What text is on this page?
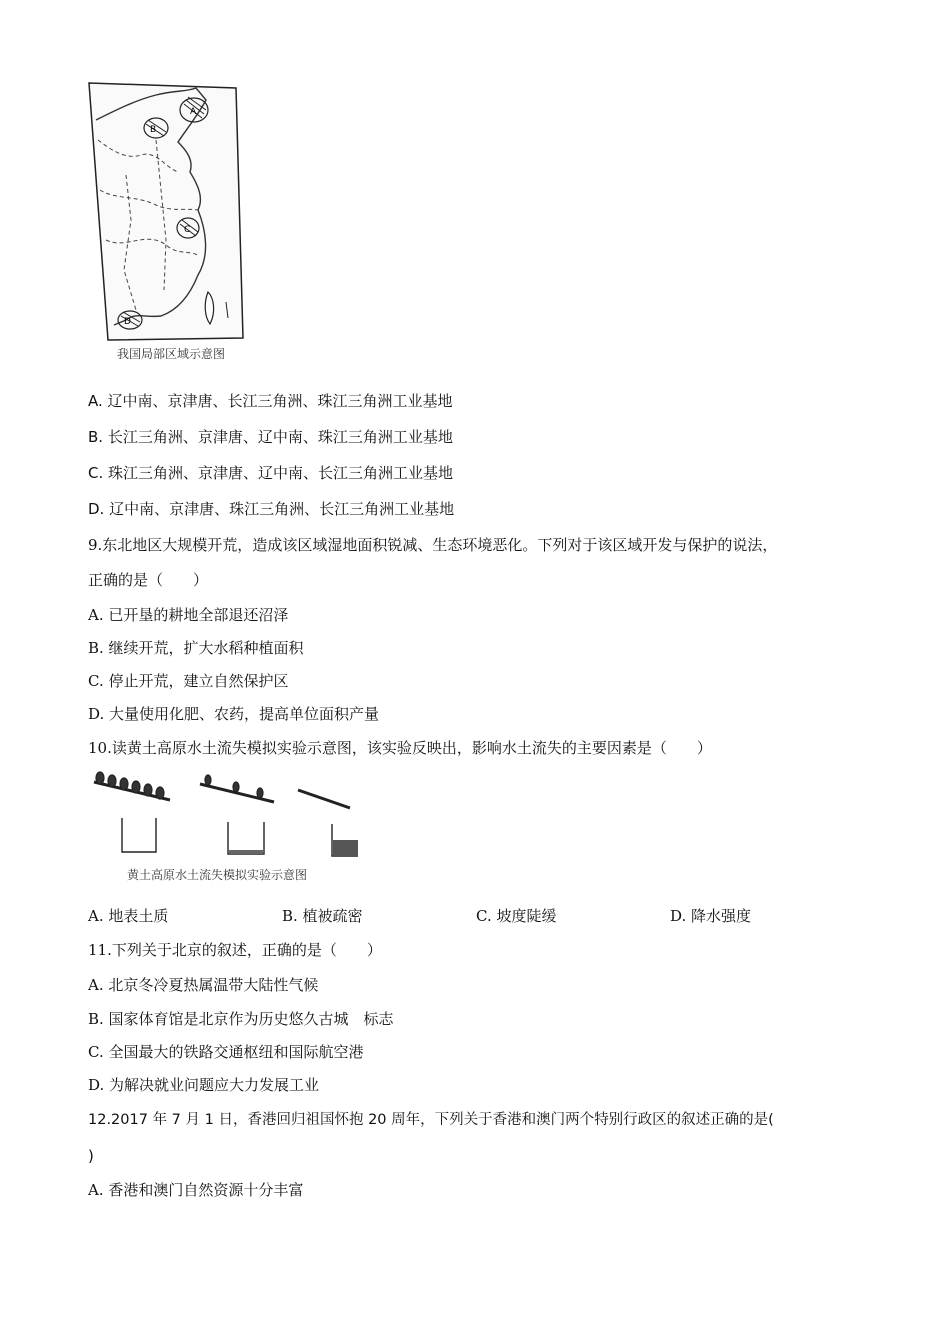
A
B
C
D
我国局部区域示意图
A. 辽中南、京津唐、长江三角洲、珠江三角洲工业基地
B. 长江三角洲、京津唐、辽中南、珠江三角洲工业基地
C. 珠江三角洲、京津唐、辽中南、长江三角洲工业基地
D. 辽中南、京津唐、珠江三角洲、长江三角洲工业基地
9.东北地区大规模开荒，造成该区域湿地面积锐减、生态环境恶化。下列对于该区域开发与保护的说法，
正确的是（　　）
A. 已开垦的耕地全部退还沼泽
B. 继续开荒，扩大水稻种植面积
C. 停止开荒，建立自然保护区
D. 大量使用化肥、农药，提高单位面积产量
10.读黄土高原水土流失模拟实验示意图，该实验反映出，影响水土流失的主要因素是（　　）
黄土高原水土流失模拟实验示意图
A. 地表土质	B. 植被疏密	C. 坡度陡缓	D. 降水强度
11.下列关于北京的叙述，正确的是（　　）
A. 北京冬冷夏热属温带大陆性气候
B. 国家体育馆是北京作为历史悠久古城　标志
C. 全国最大的铁路交通枢纽和国际航空港
D. 为解决就业问题应大力发展工业
12.2017 年 7 月 1 日，香港回归祖国怀抱 20 周年，下列关于香港和澳门两个特别行政区的叙述正确的是(
)
A. 香港和澳门自然资源十分丰富
